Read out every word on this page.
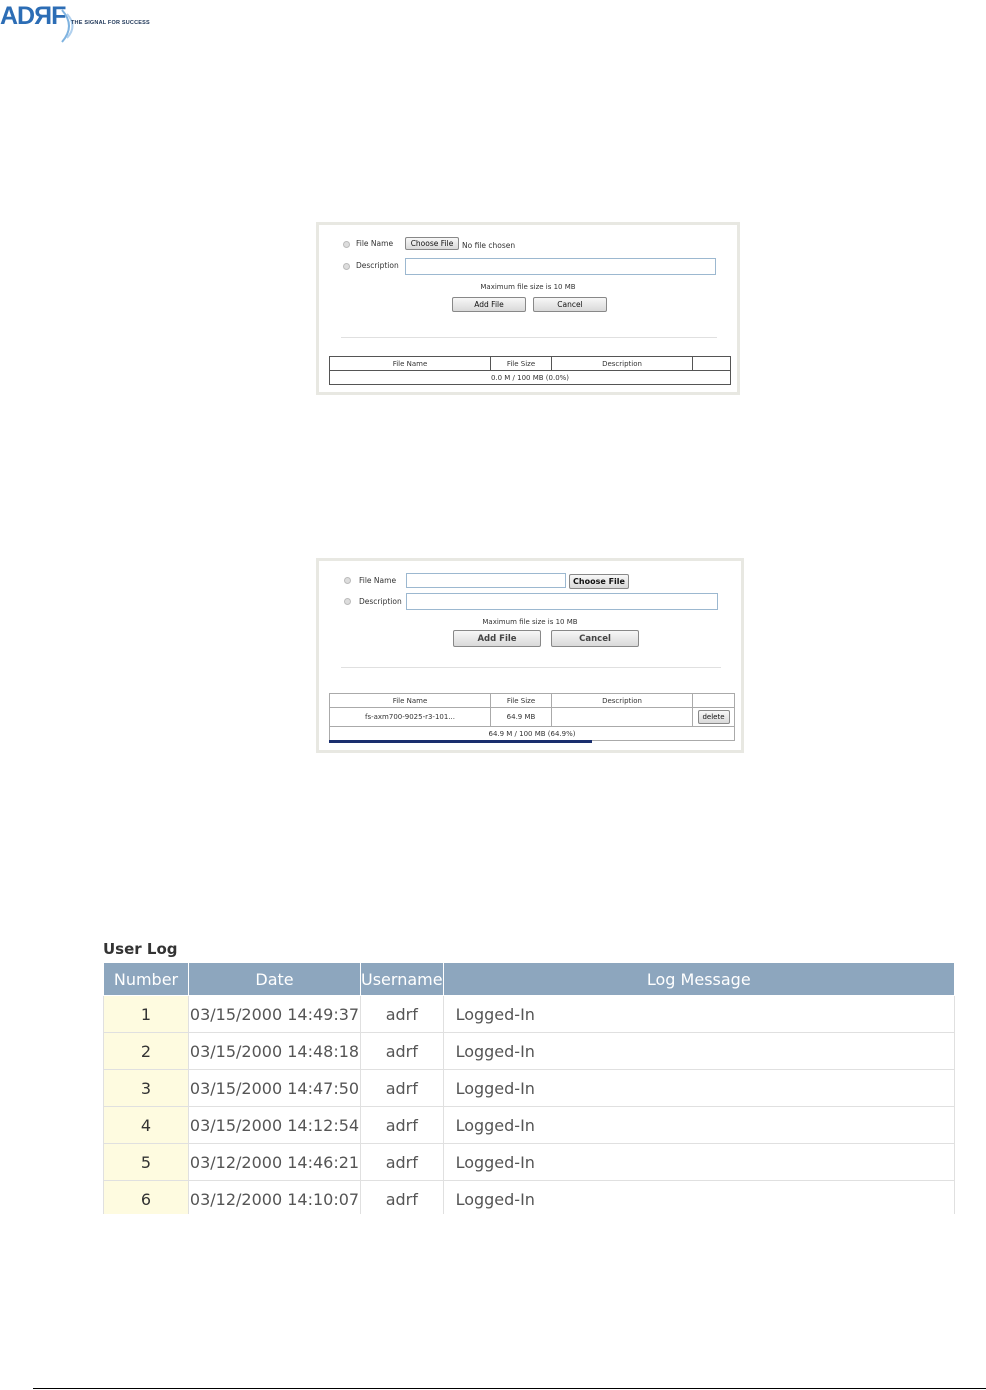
ADЯF THE SIGNAL FOR SUCCESS
File Name	Choose File	No file chosen
Description
Maximum file size is 10 MB
Add File	Cancel
File Name	File Size	Description	
0.0 M / 100 MB (0.0%)
File Name	Choose File
Description
Maximum file size is 10 MB
Add File	Cancel
File Name	File Size	Description	
fs-axm700-9025-r3-101...	64.9 MB		delete
64.9 M / 100 MB (64.9%)			
User Log
Number	Date	Username	Log Message
1	03/15/2000 14:49:37	adrf	Logged-In
2	03/15/2000 14:48:18	adrf	Logged-In
3	03/15/2000 14:47:50	adrf	Logged-In
4	03/15/2000 14:12:54	adrf	Logged-In
5	03/12/2000 14:46:21	adrf	Logged-In
6	03/12/2000 14:10:07	adrf	Logged-In
